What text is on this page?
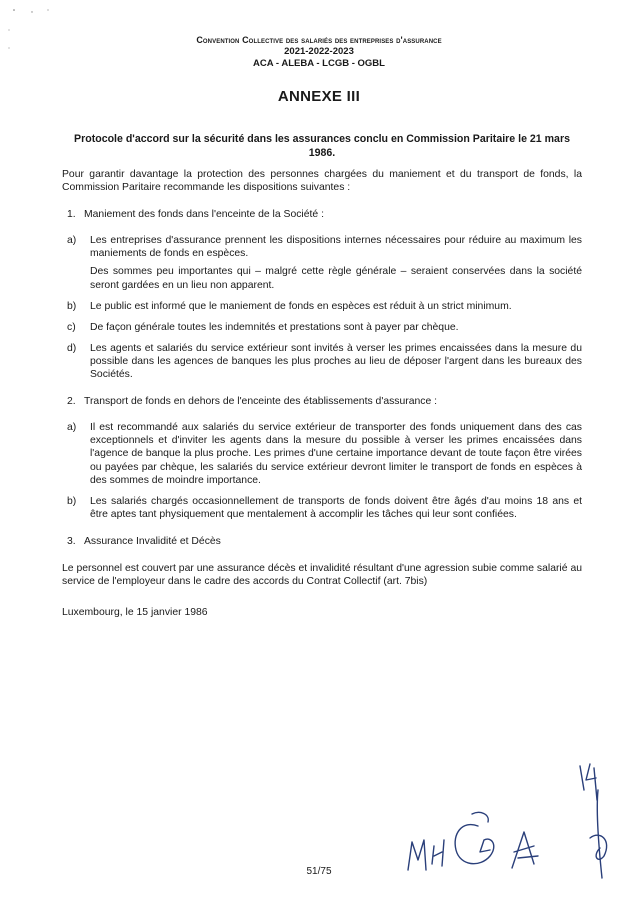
Convention Collective des salariés des entreprises d'assurance
2021-2022-2023
ACA - ALEBA - LCGB - OGBL
ANNEXE III
Protocole d'accord sur la sécurité dans les assurances conclu en Commission Paritaire le 21 mars 1986.
Pour garantir davantage la protection des personnes chargées du maniement et du transport de fonds, la Commission Paritaire recommande les dispositions suivantes :
1. Maniement des fonds dans l'enceinte de la Société :
a) Les entreprises d'assurance prennent les dispositions internes nécessaires pour réduire au maximum les maniements de fonds en espèces.

Des sommes peu importantes qui – malgré cette règle générale – seraient conservées dans la société seront gardées en un lieu non apparent.

b) Le public est informé que le maniement de fonds en espèces est réduit à un strict minimum.

c) De façon générale toutes les indemnités et prestations sont à payer par chèque.

d) Les agents et salariés du service extérieur sont invités à verser les primes encaissées dans la mesure du possible dans les agences de banques les plus proches au lieu de déposer l'argent dans les bureaux des Sociétés.

2. Transport de fonds en dehors de l'enceinte des établissements d'assurance :
a) Il est recommandé aux salariés du service extérieur de transporter des fonds uniquement dans des cas exceptionnels et d'inviter les agents dans la mesure du possible à verser les primes encaissées dans l'agence de banque la plus proche. Les primes d'une certaine importance devant de toute façon être virées ou payées par chèque, les salariés du service extérieur devront limiter le transport de fonds en espèces à des sommes de moindre importance.

b) Les salariés chargés occasionnellement de transports de fonds doivent être âgés d'au moins 18 ans et être aptes tant physiquement que mentalement à accomplir les tâches qui leur sont confiées.

3. Assurance Invalidité et Décès
Le personnel est couvert par une assurance décès et invalidité résultant d'une agression subie comme salarié au service de l'employeur dans le cadre des accords du Contrat Collectif (art. 7bis)
Luxembourg, le 15 janvier 1986
51/75
